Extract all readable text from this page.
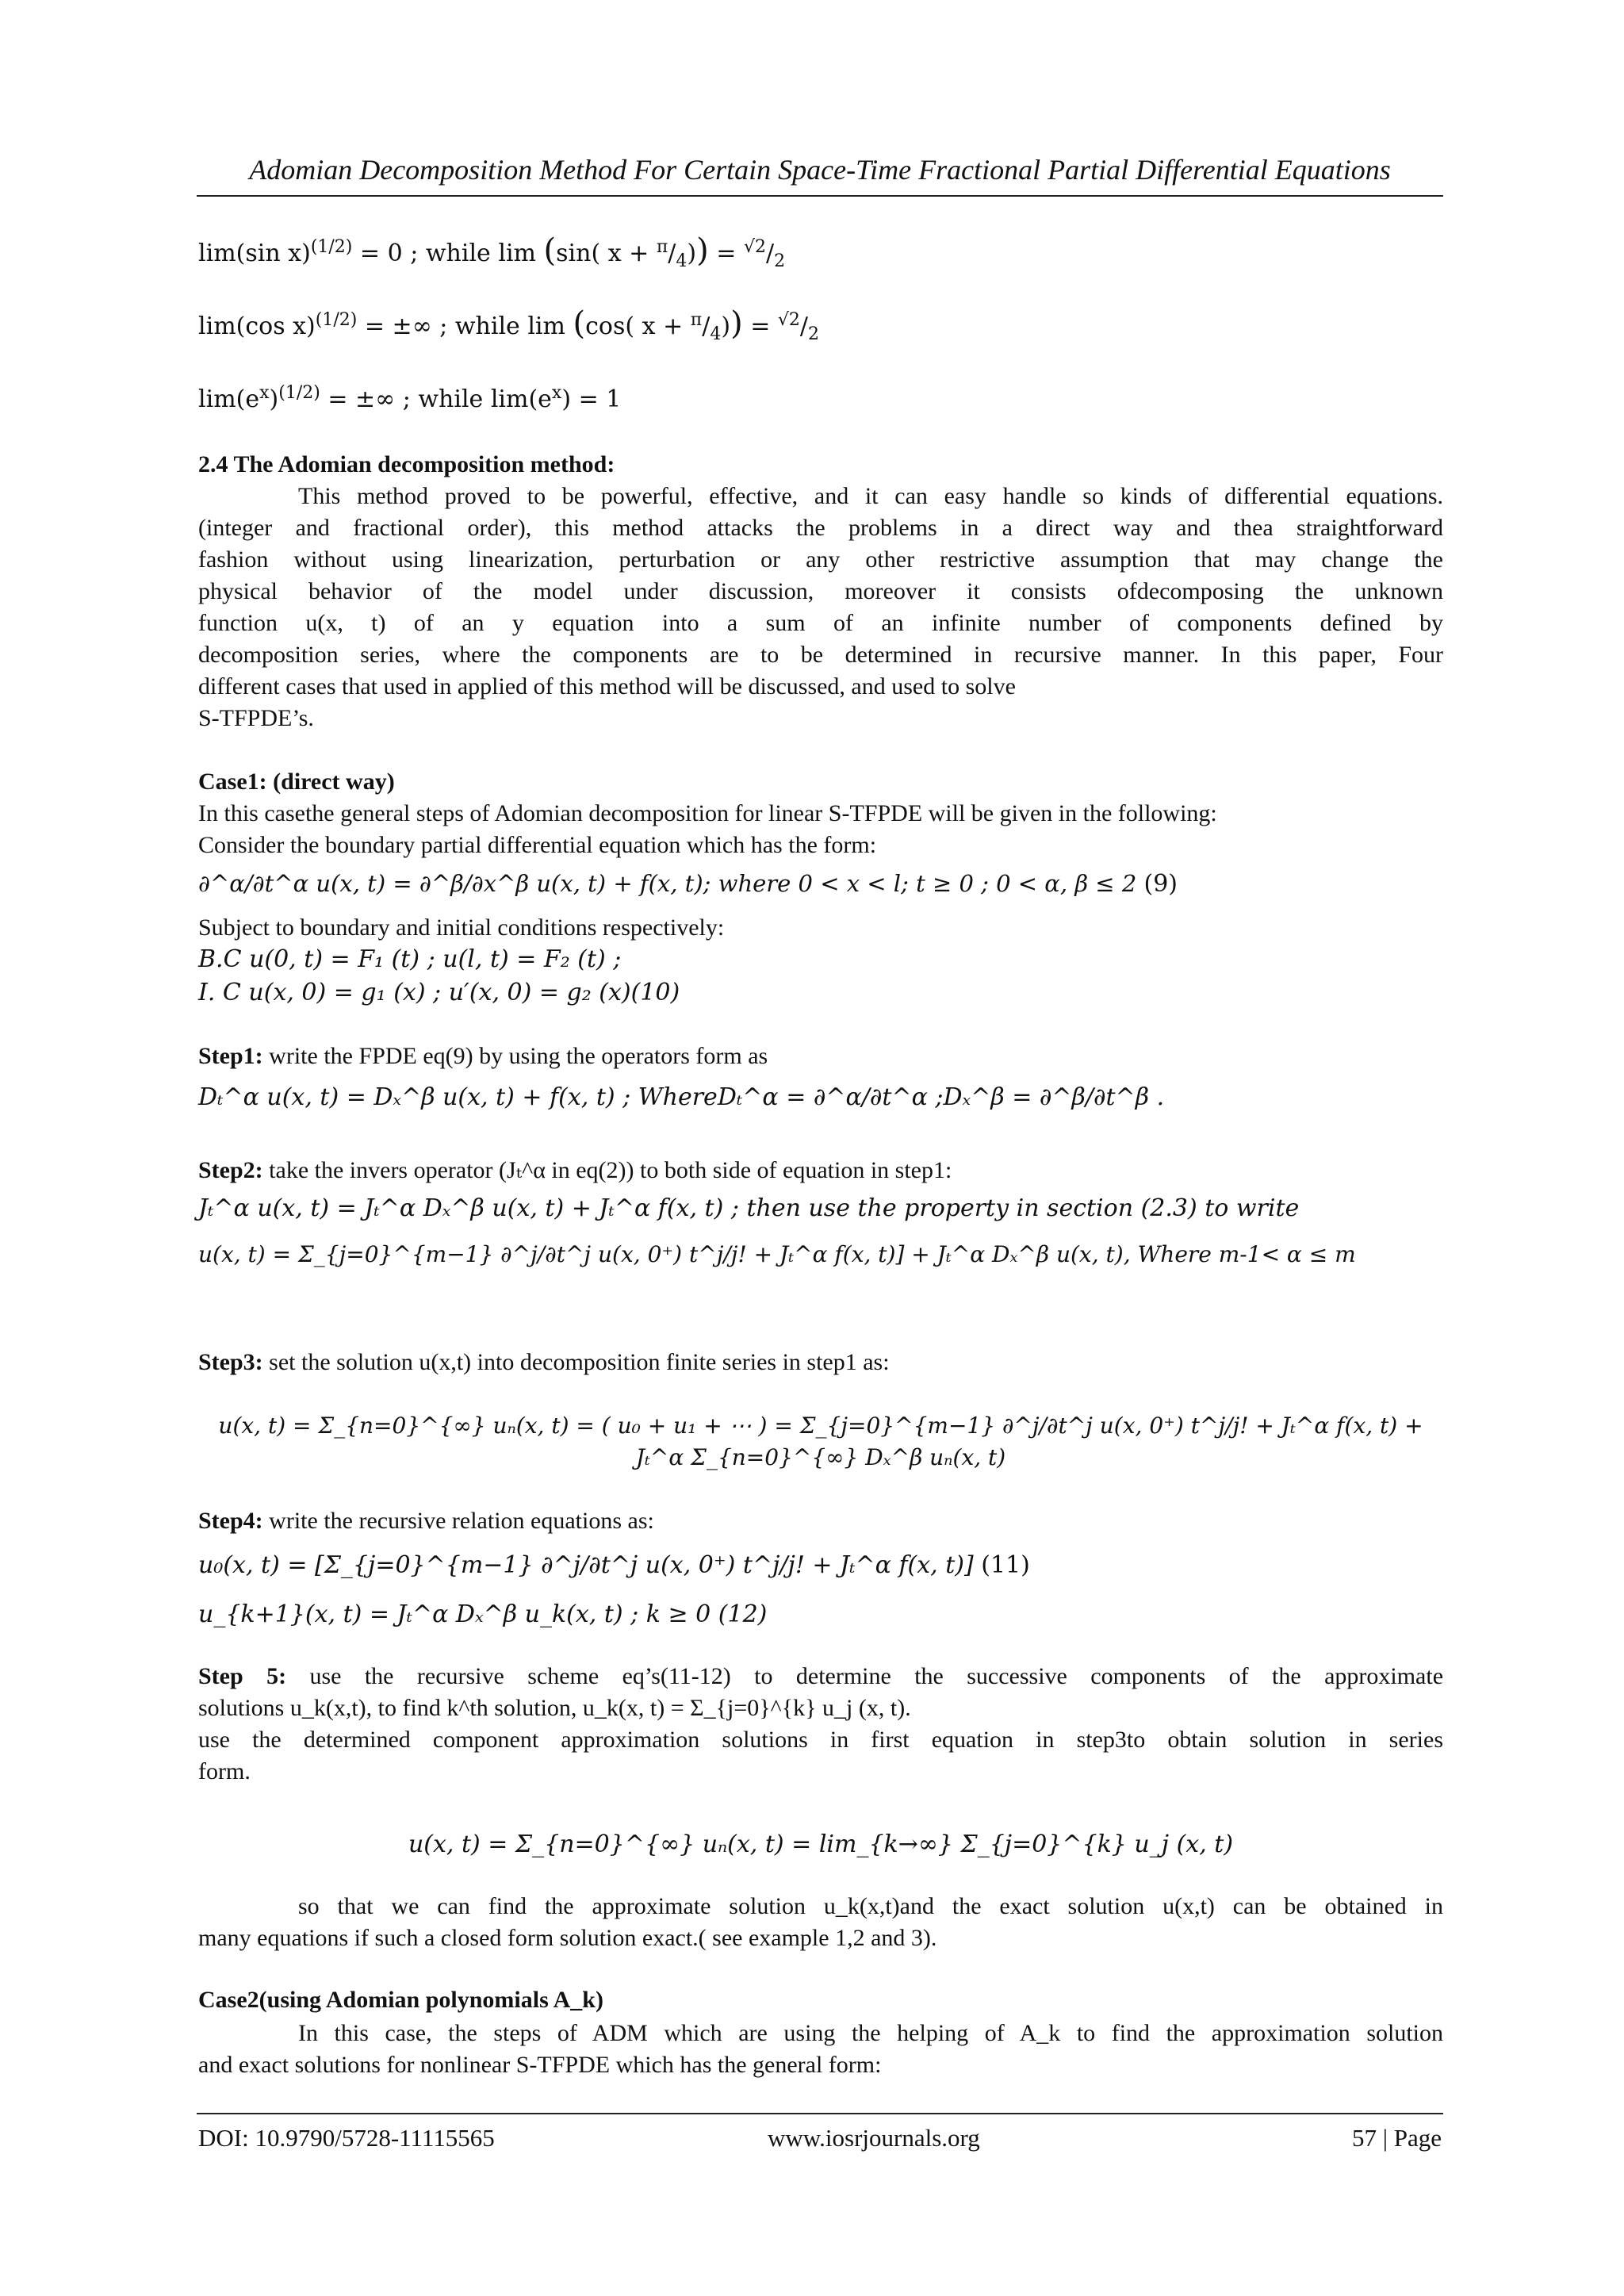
Adomian Decomposition Method For Certain Space-Time Fractional Partial Differential Equations
lim(sin x)$^{(1/2)}$ = 0 ; while lim (sin( $x + ^\pi/_4)) = ^{√2}/_2$
lim(cos x)$^{(1/2)}$ = ±∞ ; while lim (cos( $x + ^\pi/_4)) = ^{√2}/_2$
$\lim(e^x)^{(1/2)}$ = ±∞ ; while $\lim(e^x) = 1$
2.4 The Adomian decomposition method:
This method proved to be powerful, effective, and it can easy handle so kinds of differential equations.
(integer and fractional order), this method attacks the problems in a direct way and thea straightforward
fashion without using linearization, perturbation or any other restrictive assumption that may change the
physical behavior of the model under discussion, moreover it consists ofdecomposing the unknown
function u(x, t) of an y equation into a sum of an infinite number of components defined by
decomposition series, where the components are to be determined in recursive manner. In this paper, Four
different cases that used in applied of this method will be discussed, and used to solve
S-TFPDE’s.
Case1: (direct way)
In this casethe general steps of Adomian decomposition for linear S-TFPDE will be given in the following:
Consider the boundary partial differential equation which has the form:
∂^α/∂t^α u(x, t) = ∂^β/∂x^β u(x, t) + f(x, t); where 0 < x < l; t ≥ 0 ; 0 < α, β ≤ 2 (9)
Subject to boundary and initial conditions respectively:
B.C u(0, t) = F₁ (t) ; u(l, t) = F₂ (t) ;
I. C u(x, 0) = g₁ (x) ; u′(x, 0) = g₂ (x)(10)
Step1: write the FPDE eq(9) by using the operators form as
Dₜ^α u(x, t) = Dₓ^β u(x, t) + f(x, t) ; WhereDₜ^α = ∂^α/∂t^α ;Dₓ^β = ∂^β/∂t^β .
Step2: take the invers operator (Jₜ^α in eq(2)) to both side of equation in step1:
Jₜ^α u(x, t) = Jₜ^α Dₓ^β u(x, t) + Jₜ^α f(x, t) ; then use the property in section (2.3) to write
u(x, t) = Σ_{j=0}^{m−1} ∂^j/∂t^j u(x, 0⁺) t^j/j! + Jₜ^α f(x, t)] + Jₜ^α Dₓ^β u(x, t), Where m-1< α ≤ m
Step3: set the solution u(x,t) into decomposition finite series in step1 as:
u(x, t) = Σ_{n=0}^{∞} uₙ(x, t) = ( u₀ + u₁ + ⋯ ) = Σ_{j=0}^{m−1} ∂^j/∂t^j u(x, 0⁺) t^j/j! + Jₜ^α f(x, t) + Jₜ^α Σ_{n=0}^{∞} Dₓ^β uₙ(x, t)
Step4: write the recursive relation equations as:
u₀(x, t) = [Σ_{j=0}^{m−1} ∂^j/∂t^j u(x, 0⁺) t^j/j! + Jₜ^α f(x, t)] (11)
u_{k+1}(x, t) = Jₜ^α Dₓ^β u_k(x, t) ; k ≥ 0 (12)
Step 5: use the recursive scheme eq’s(11-12) to determine the successive components of the approximate
solutions u_k(x,t), to find k^th solution, u_k(x, t) = Σ_{j=0}^{k} u_j (x, t).
use the determined component approximation solutions in first equation in step3to obtain solution in series
form.
u(x, t) = Σ_{n=0}^{∞} uₙ(x, t) = lim_{k→∞} Σ_{j=0}^{k} u_j (x, t)
so that we can find the approximate solution u_k(x,t)and the exact solution u(x,t) can be obtained in
many equations if such a closed form solution exact.( see example 1,2 and 3).
Case2(using Adomian polynomials A_k)
In this case, the steps of ADM which are using the helping of A_k to find the approximation solution
and exact solutions for nonlinear S-TFPDE which has the general form:
DOI: 10.9790/5728-11115565	www.iosrjournals.org	57 | Page
